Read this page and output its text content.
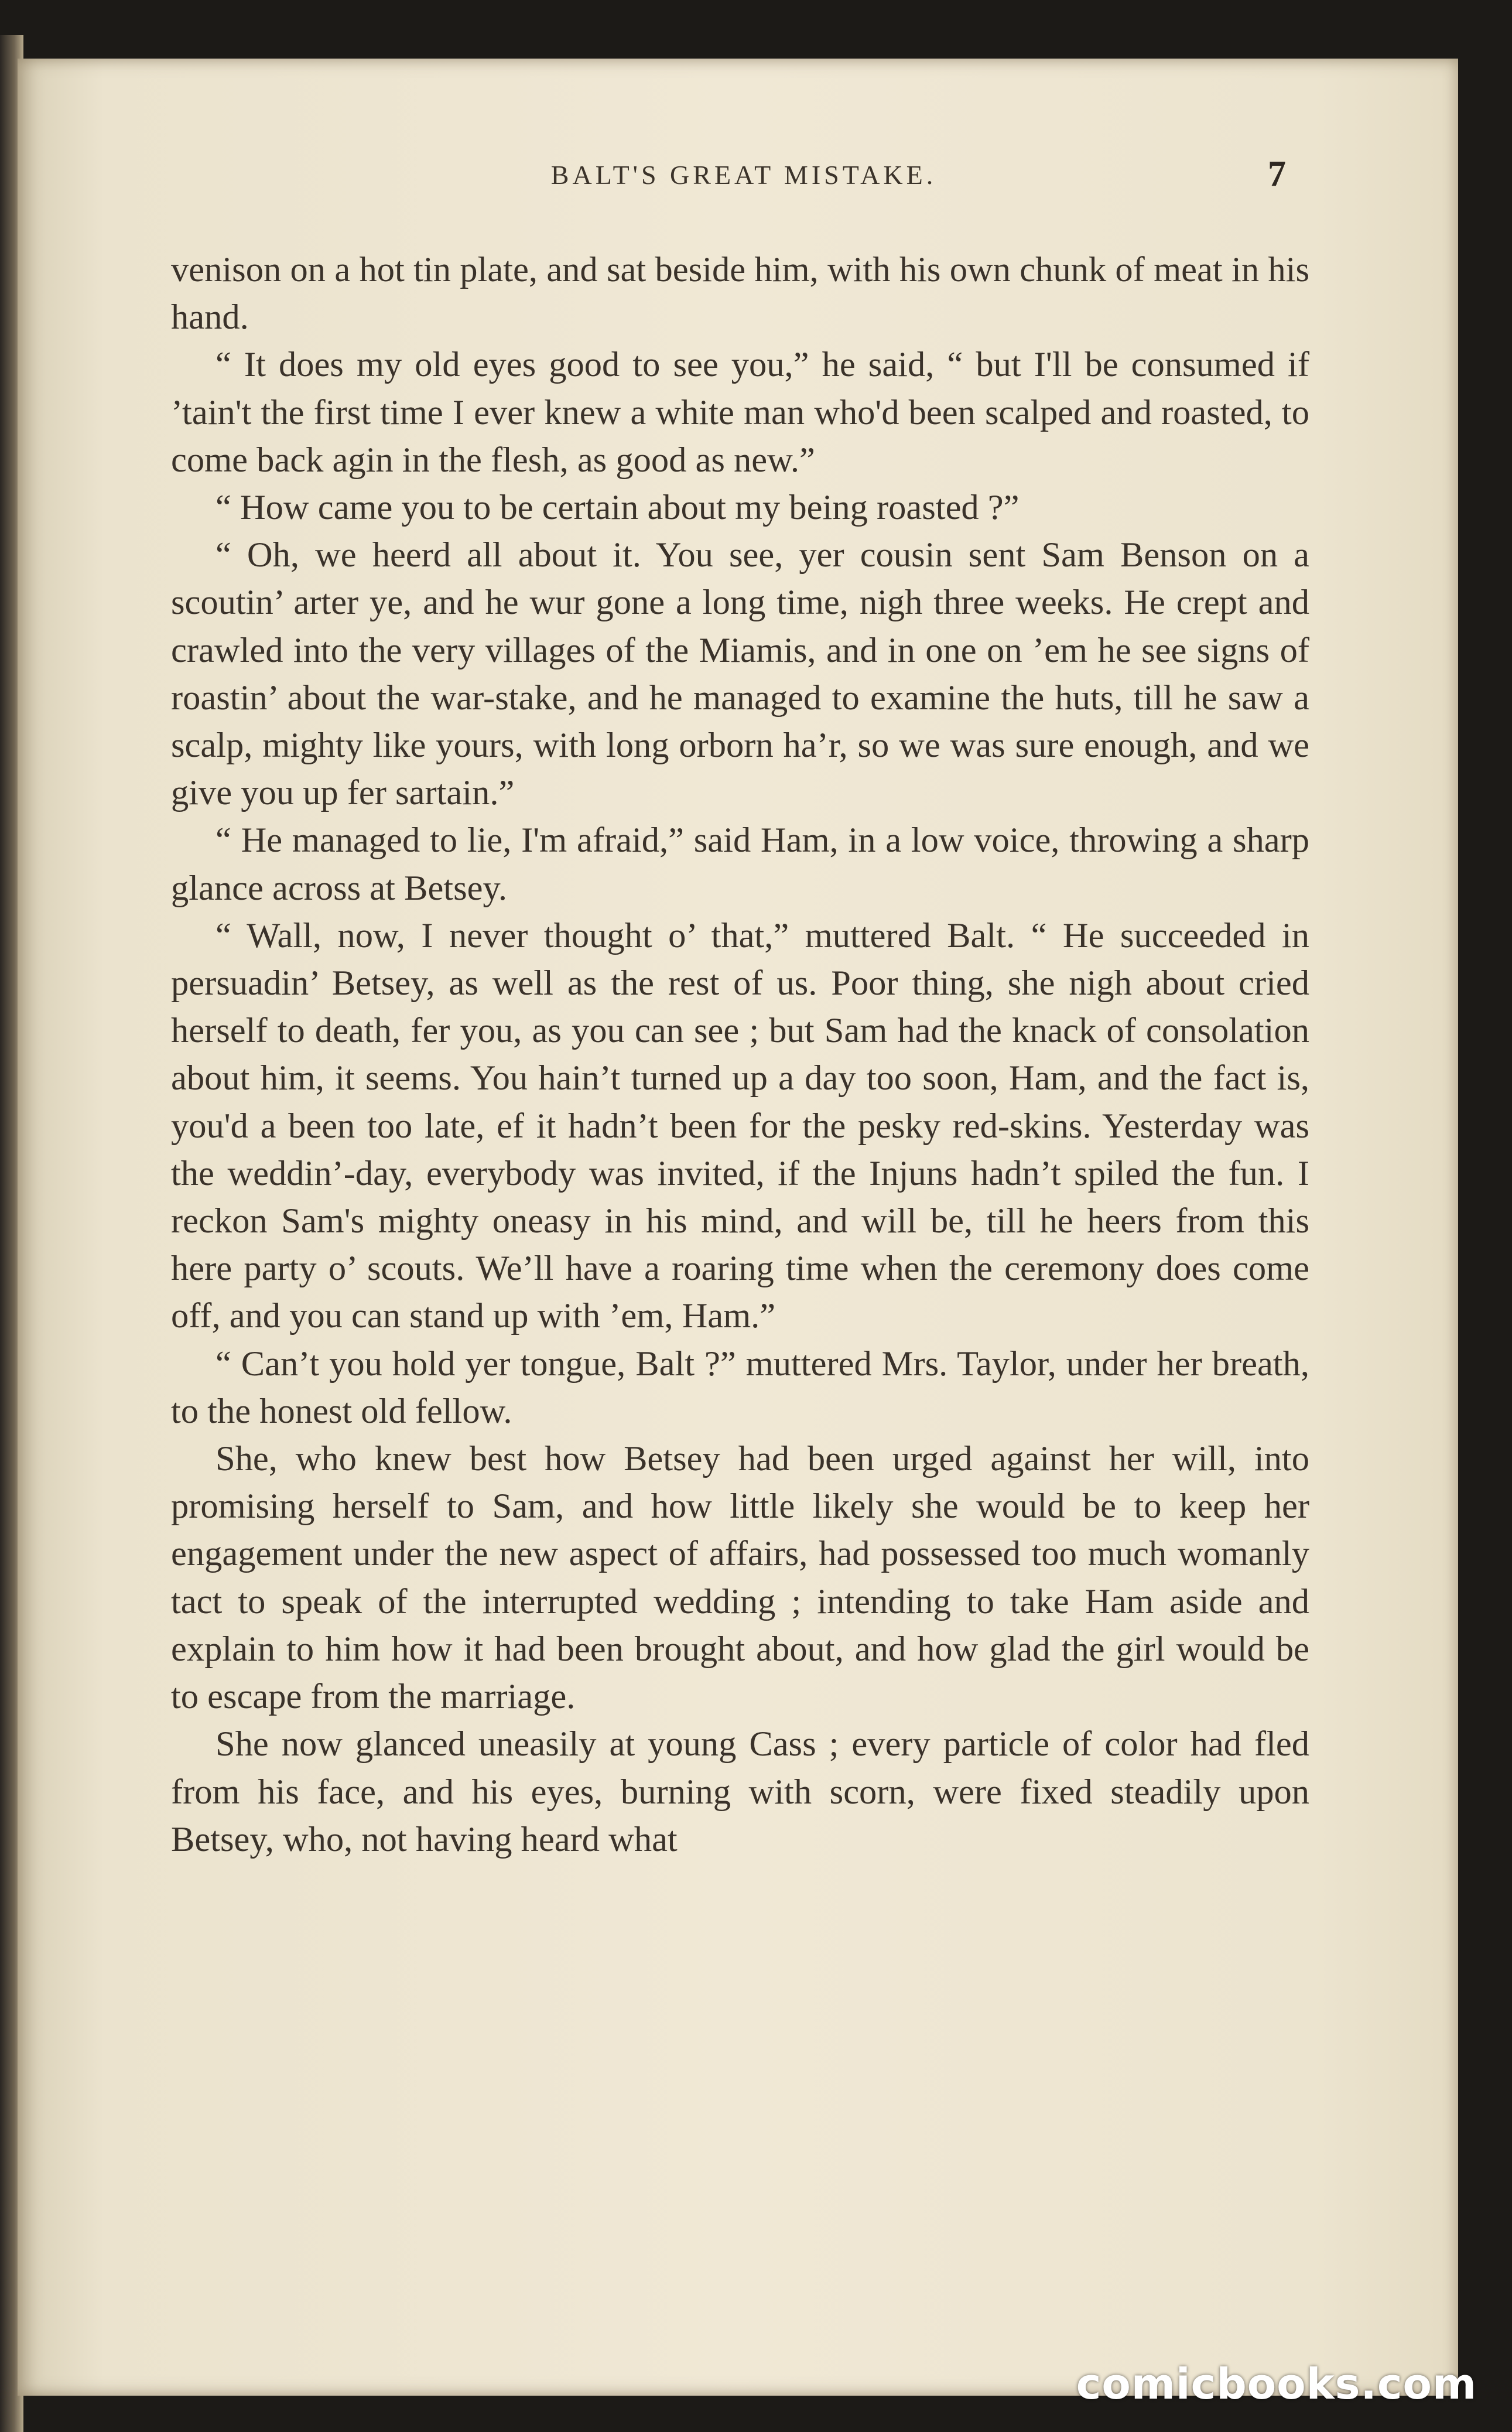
BALT'S GREAT MISTAKE.	7

venison on a hot tin plate, and sat beside him, with his own chunk of meat in his hand.

“ It does my old eyes good to see you,” he said, “ but I'll be consumed if ’tain't the first time I ever knew a white man who'd been scalped and roasted, to come back agin in the flesh, as good as new.”

“ How came you to be certain about my being roasted ?”

“ Oh, we heerd all about it. You see, yer cousin sent Sam Benson on a scoutin’ arter ye, and he wur gone a long time, nigh three weeks. He crept and crawled into the very villages of the Miamis, and in one on ’em he see signs of roastin’ about the war-stake, and he managed to examine the huts, till he saw a scalp, mighty like yours, with long orborn ha’r, so we was sure enough, and we give you up fer sartain.”

“ He managed to lie, I'm afraid,” said Ham, in a low voice, throwing a sharp glance across at Betsey.

“ Wall, now, I never thought o’ that,” muttered Balt. “ He succeeded in persuadin’ Betsey, as well as the rest of us. Poor thing, she nigh about cried herself to death, fer you, as you can see ; but Sam had the knack of consolation about him, it seems. You hain’t turned up a day too soon, Ham, and the fact is, you'd a been too late, ef it hadn’t been for the pesky red-skins. Yesterday was the weddin’-day, everybody was invited, if the Injuns hadn’t spiled the fun. I reckon Sam's mighty oneasy in his mind, and will be, till he heers from this here party o’ scouts. We’ll have a roaring time when the ceremony does come off, and you can stand up with ’em, Ham.”

“ Can’t you hold yer tongue, Balt ?” muttered Mrs. Taylor, under her breath, to the honest old fellow.

She, who knew best how Betsey had been urged against her will, into promising herself to Sam, and how little likely she would be to keep her engagement under the new aspect of affairs, had possessed too much womanly tact to speak of the interrupted wedding ; intending to take Ham aside and explain to him how it had been brought about, and how glad the girl would be to escape from the marriage.

She now glanced uneasily at young Cass ; every particle of color had fled from his face, and his eyes, burning with scorn, were fixed steadily upon Betsey, who, not having heard what

comicbooks.com
